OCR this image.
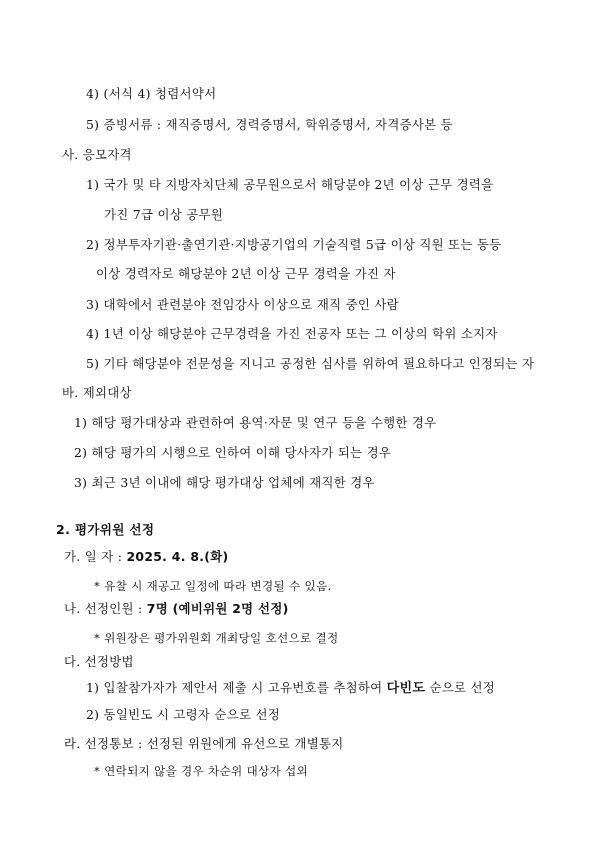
4) (서식 4) 청렴서약서
5) 증빙서류 : 재직증명서, 경력증명서, 학위증명서, 자격증사본 등
사. 응모자격
1) 국가 및 타 지방자치단체 공무원으로서 해당분야 2년 이상 근무 경력을
가진 7급 이상 공무원
2) 정부투자기관·출연기관·지방공기업의 기술직렬 5급 이상 직원 또는 동등
이상 경력자로 해당분야 2년 이상 근무 경력을 가진 자
3) 대학에서 관련분야 전임강사 이상으로 재직 중인 사람
4) 1년 이상 해당분야 근무경력을 가진 전공자 또는 그 이상의 학위 소지자
5) 기타 해당분야 전문성을 지니고 공정한 심사를 위하여 필요하다고 인정되는 자
바. 제외대상
1) 해당 평가대상과 관련하여 용역·자문 및 연구 등을 수행한 경우
2) 해당 평가의 시행으로 인하여 이해 당사자가 되는 경우
3) 최근 3년 이내에 해당 평가대상 업체에 재직한 경우
2. 평가위원 선정
가. 일 자 : 2025. 4. 8.(화)
* 유찰 시 재공고 일정에 따라 변경될 수 있음.
나. 선정인원 : 7명 (예비위원 2명 선정)
* 위원장은 평가위원회 개최당일 호선으로 결정
다. 선정방법
1) 입찰참가자가 제안서 제출 시 고유번호를 추첨하여 다빈도 순으로 선정
2) 동일빈도 시 고령자 순으로 선정
라. 선정통보 : 선정된 위원에게 유선으로 개별통지
* 연락되지 않을 경우 차순위 대상자 섭외
